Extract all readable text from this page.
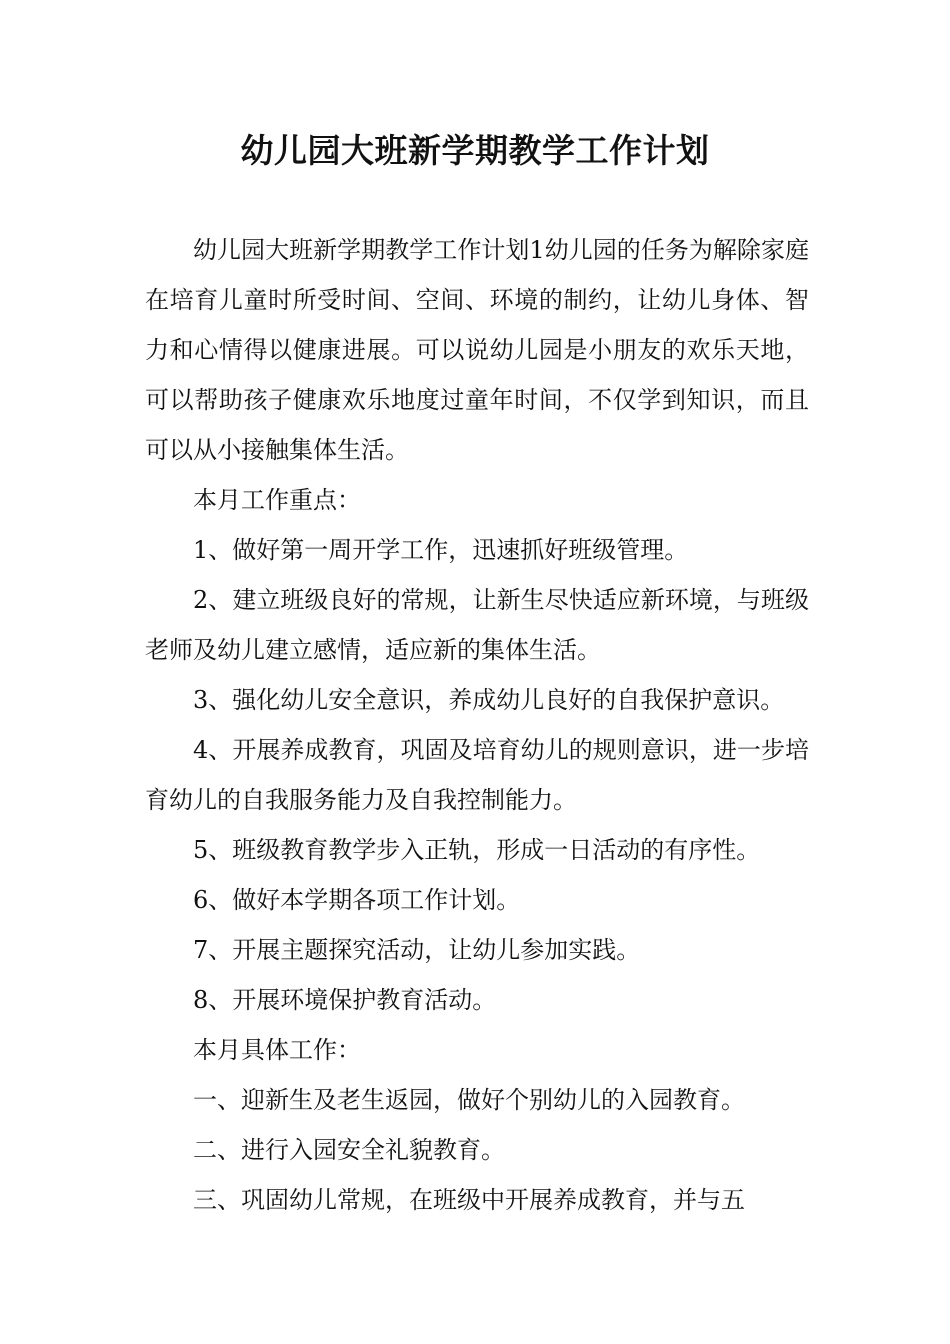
幼儿园大班新学期教学工作计划

幼儿园大班新学期教学工作计划1幼儿园的任务为解除家庭在培育儿童时所受时间、空间、环境的制约，让幼儿身体、智力和心情得以健康进展。可以说幼儿园是小朋友的欢乐天地，可以帮助孩子健康欢乐地度过童年时间，不仅学到知识，而且可以从小接触集体生活。

本月工作重点：

1、做好第一周开学工作，迅速抓好班级管理。

2、建立班级良好的常规，让新生尽快适应新环境，与班级老师及幼儿建立感情，适应新的集体生活。

3、强化幼儿安全意识，养成幼儿良好的自我保护意识。

4、开展养成教育，巩固及培育幼儿的规则意识，进一步培育幼儿的自我服务能力及自我控制能力。

5、班级教育教学步入正轨，形成一日活动的有序性。

6、做好本学期各项工作计划。

7、开展主题探究活动，让幼儿参加实践。

8、开展环境保护教育活动。

本月具体工作：

一、迎新生及老生返园，做好个别幼儿的入园教育。

二、进行入园安全礼貌教育。

三、巩固幼儿常规，在班级中开展养成教育，并与五
